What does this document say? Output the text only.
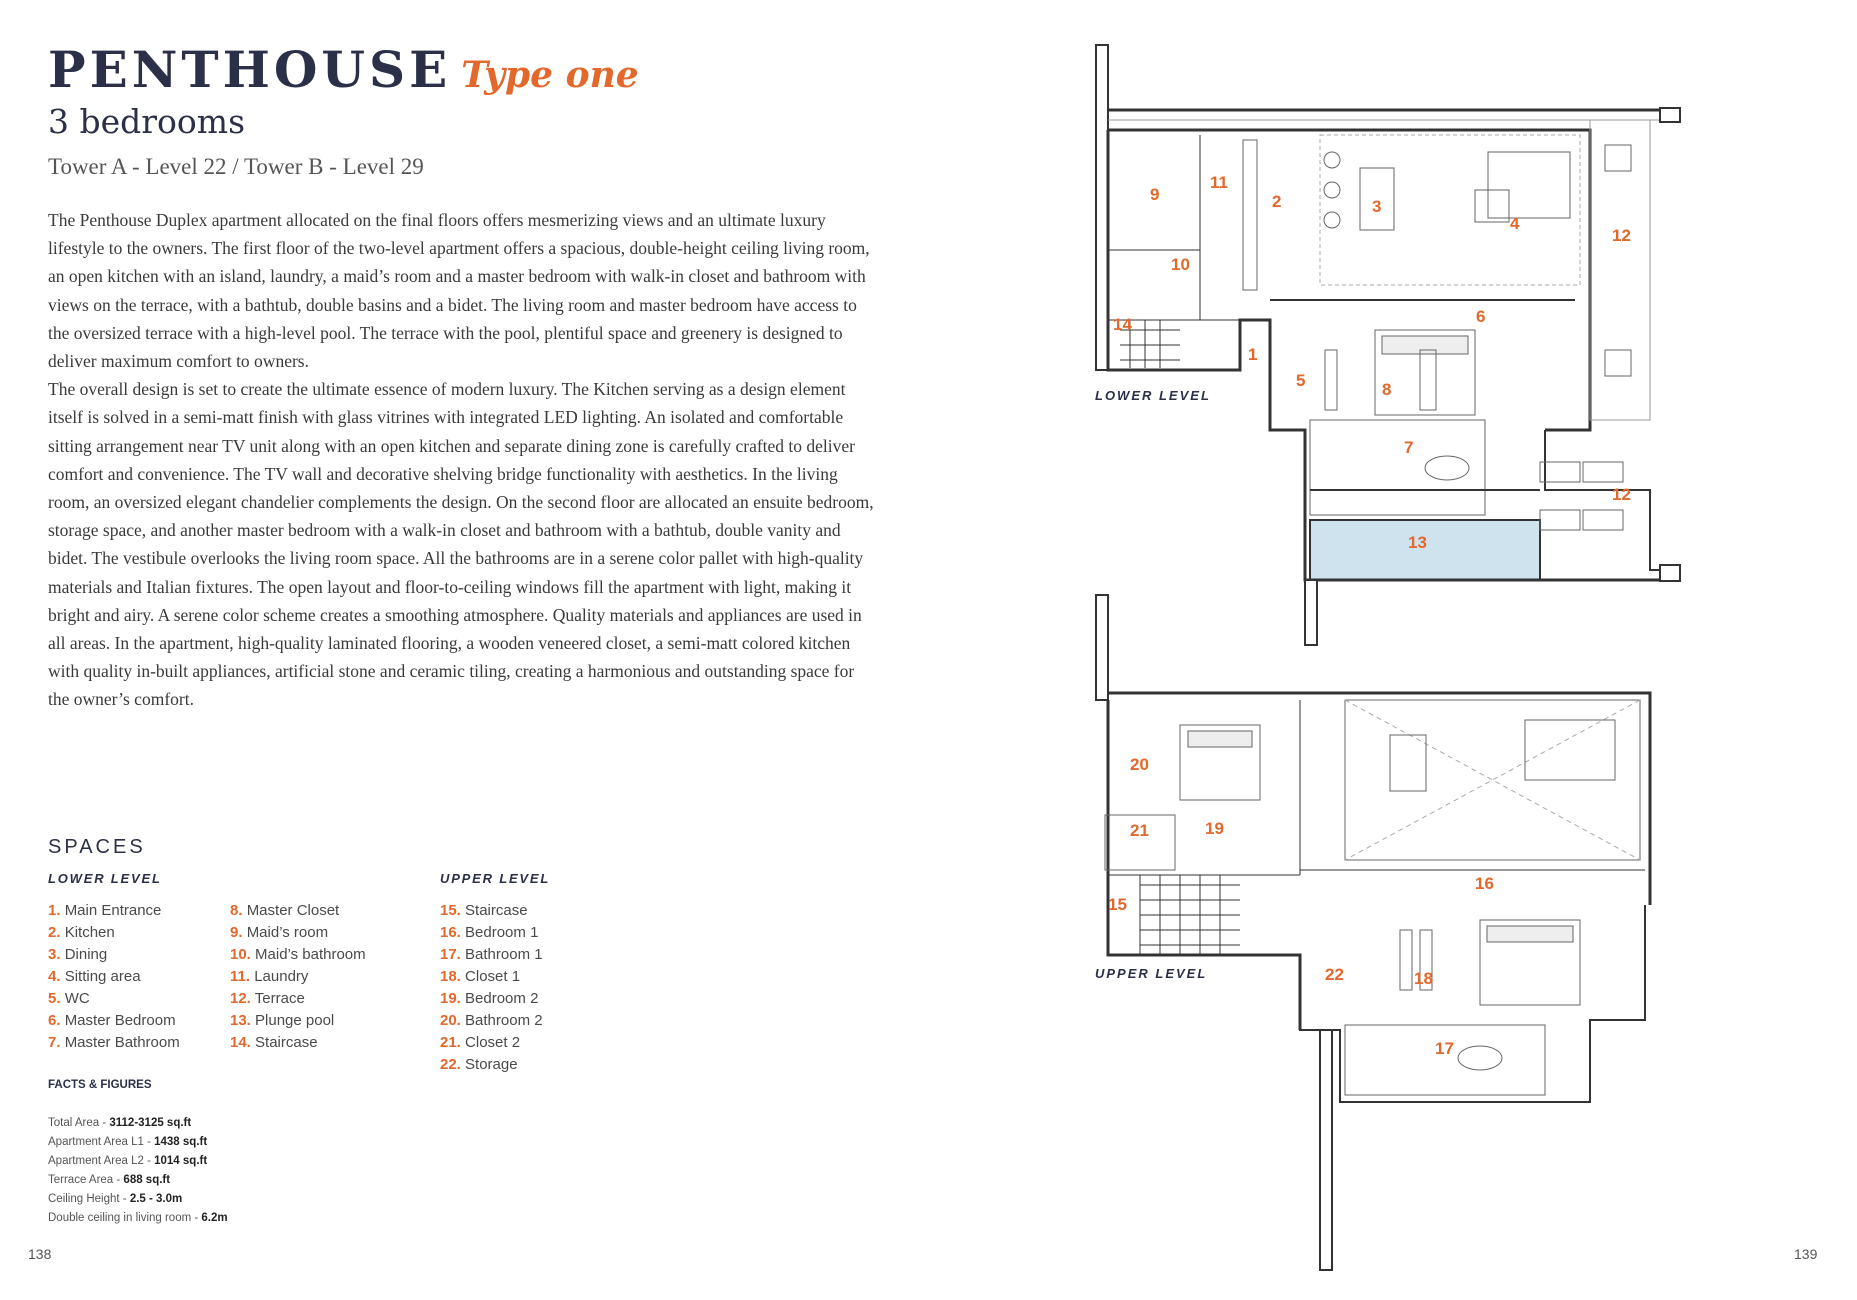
PENTHOUSE Type one
3 bedrooms
Tower A - Level 22 / Tower B - Level 29

The Penthouse Duplex apartment allocated on the final floors offers mesmerizing views and an ultimate luxury lifestyle to the owners. The first floor of the two-level apartment offers a spacious, double-height ceiling living room, an open kitchen with an island, laundry, a maid’s room and a master bedroom with walk-in closet and bathroom with views on the terrace, with a bathtub, double basins and a bidet. The living room and master bedroom have access to the oversized terrace with a high-level pool. The terrace with the pool, plentiful space and greenery is designed to deliver maximum comfort to owners.

The overall design is set to create the ultimate essence of modern luxury. The Kitchen serving as a design element itself is solved in a semi-matt finish with glass vitrines with integrated LED lighting. An isolated and comfortable sitting arrangement near TV unit along with an open kitchen and separate dining zone is carefully crafted to deliver comfort and convenience. The TV wall and decorative shelving bridge functionality with aesthetics. In the living room, an oversized elegant chandelier complements the design. On the second floor are allocated an ensuite bedroom, storage space, and another master bedroom with a walk-in closet and bathroom with a bathtub, double vanity and bidet. The vestibule overlooks the living room space. All the bathrooms are in a serene color pallet with high-quality materials and Italian fixtures. The open layout and floor-to-ceiling windows fill the apartment with light, making it bright and airy. A serene color scheme creates a smoothing atmosphere. Quality materials and appliances are used in all areas. In the apartment, high-quality laminated flooring, a wooden veneered closet, a semi-matt colored kitchen with quality in-built appliances, artificial stone and ceramic tiling, creating a harmonious and outstanding space for the owner’s comfort.

SPACES
LOWER LEVEL	UPPER LEVEL
1. Main Entrance
2. Kitchen
3. Dining
4. Sitting area
5. WC
6. Master Bedroom
7. Master Bathroom
8. Master Closet
9. Maid’s room
10. Maid’s bathroom
11. Laundry
12. Terrace
13. Plunge pool
14. Staircase
15. Staircase
16. Bedroom 1
17. Bathroom 1
18. Closet 1
19. Bedroom 2
20. Bathroom 2
21. Closet 2
22. Storage
FACTS & FIGURES
Total Area - 3112-3125 sq.ft
Apartment Area L1 - 1438 sq.ft
Apartment Area L2 - 1014 sq.ft
Terrace Area - 688 sq.ft
Ceiling Height - 2.5 - 3.0m
Double ceiling in living room - 6.2m
138	139
1
2	3
4
5
6
7
8
9
10
11
12
12
13
14
15
16
17
18
19
20
21
22
LOWER LEVEL
UPPER LEVEL
